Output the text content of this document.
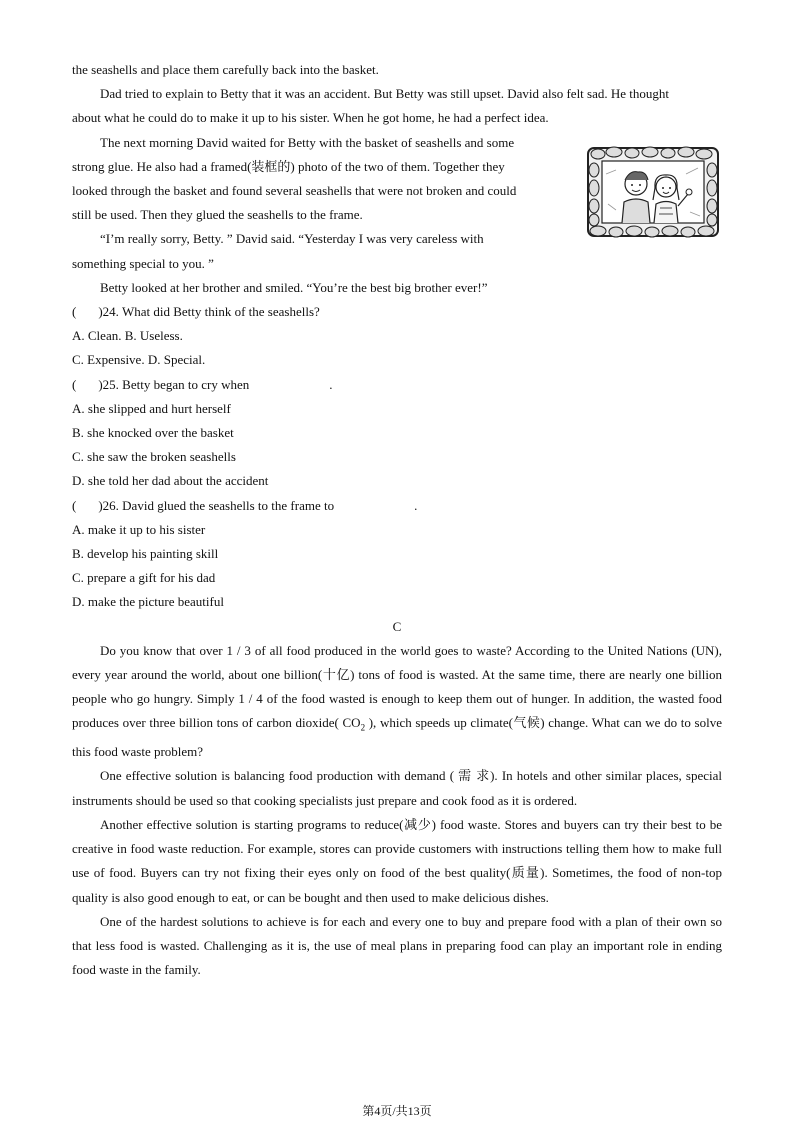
the seashells and place them carefully back into the basket.
Dad tried to explain to Betty that it was an accident. But Betty was still upset. David also felt sad. He thought
about what he could do to make it up to his sister. When he got home, he had a perfect idea.
The next morning David waited for Betty with the basket of seashells and some
strong glue. He also had a framed(装框的) photo of the two of them. Together they
looked through the basket and found several seashells that were not broken and could
still be used. Then they glued the seashells to the frame.
“I’m really sorry, Betty. ” David said. “Yesterday I was very careless with
something special to you. ”
Betty looked at her brother and smiled. “You’re the best big brother ever!”
( )24. What did Betty think of the seashells?
A. Clean. B. Useless.
C. Expensive. D. Special.
( )25. Betty began to cry when	.
A. she slipped and hurt herself
B. she knocked over the basket
C. she saw the broken seashells
D. she told her dad about the accident
( )26. David glued the seashells to the frame to	.
A. make it up to his sister
B. develop his painting skill
C. prepare a gift for his dad
D. make the picture beautiful
C
Do you know that over 1 / 3 of all food produced in the world goes to waste? According to the United Nations (UN), every year around the world, about one billion(十亿) tons of food is wasted. At the same time, there are nearly one billion people who go hungry. Simply 1 / 4 of the food wasted is enough to keep them out of hunger. In addition, the wasted food produces over three billion tons of carbon dioxide( $CO_2$ ), which speeds up climate(气候) change. What can we do to solve this food waste problem?
One effective solution is balancing food production with demand ( 需 求). In hotels and other similar places, special instruments should be used so that cooking specialists just prepare and cook food as it is ordered.
Another effective solution is starting programs to reduce(减少) food waste. Stores and buyers can try their best to be creative in food waste reduction. For example, stores can provide customers with instructions telling them how to make full use of food. Buyers can try not fixing their eyes only on food of the best quality(质量). Sometimes, the food of non-top quality is also good enough to eat, or can be bought and then used to make delicious dishes.
One of the hardest solutions to achieve is for each and every one to buy and prepare food with a plan of their own so that less food is wasted. Challenging as it is, the use of meal plans in preparing food can play an important role in ending food waste in the family.
第4页/共13页
